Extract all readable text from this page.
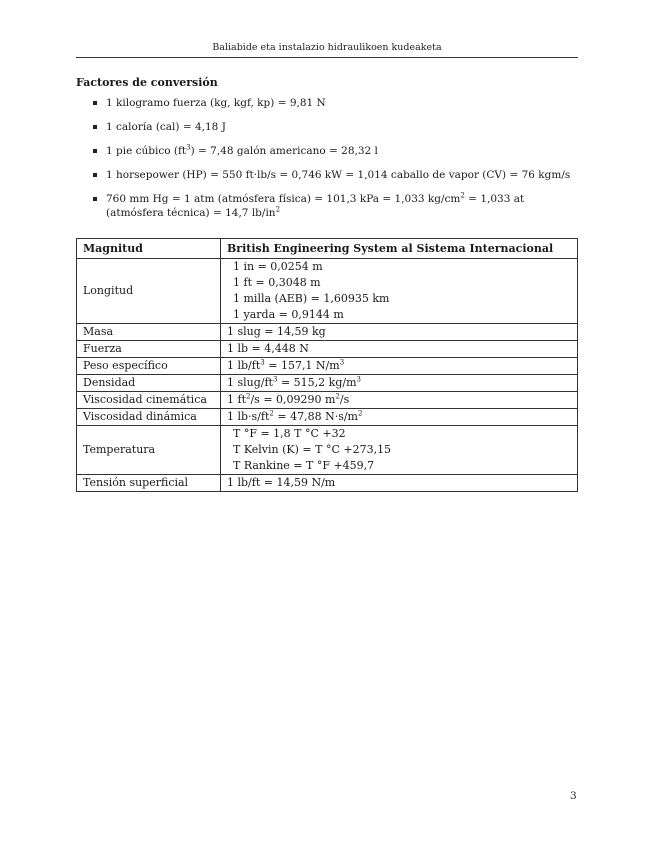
Baliabide eta instalazio hidraulikoen kudeaketa
Factores de conversión
1 kilogramo fuerza (kg, kgf, kp) = 9,81 N
1 caloría (cal) = 4,18 J
1 pie cúbico $(ft^3) = 7,48$ galón americano = 28,32 l
1 horsepower (HP) = 550 ft·lb/s = 0,746 kW = 1,014 caballo de vapor (CV) = 76 kgm/s
760 mm Hg = 1 atm (atmósfera física) = 101,3 kPa = 1,033 $kg/cm^2 = 1,033$ at (atmósfera técnica) = 14,7 $lb/in^2$
Magnitud	British Engineering System al Sistema Internacional
Longitud	1 in = 0,0254 m
1 ft = 0,3048 m
1 milla (AEB) = 1,60935 km
1 yarda = 0,9144 m

Masa	1 slug = 14,59 kg
Fuerza	1 lb = 4,448 N
Peso específico	1 $lb/ft^3 = 157,1$ $N/m^3$
Densidad	1 slug/$ft^3 = 515,2$ $kg/m^3$
Viscosidad cinemática	1 $ft^2/s = 0,09290$ $m^2/s$
Viscosidad dinámica	1 $lb\cdot s/ft^2 = 47,88$ $N\cdot s/m^2$
Temperatura	T °F = 1,8 T °C +32
T Kelvin (K) = T °C +273,15
T Rankine = T °F +459,7

Tensión superficial	1 lb/ft = 14,59 N/m
3
